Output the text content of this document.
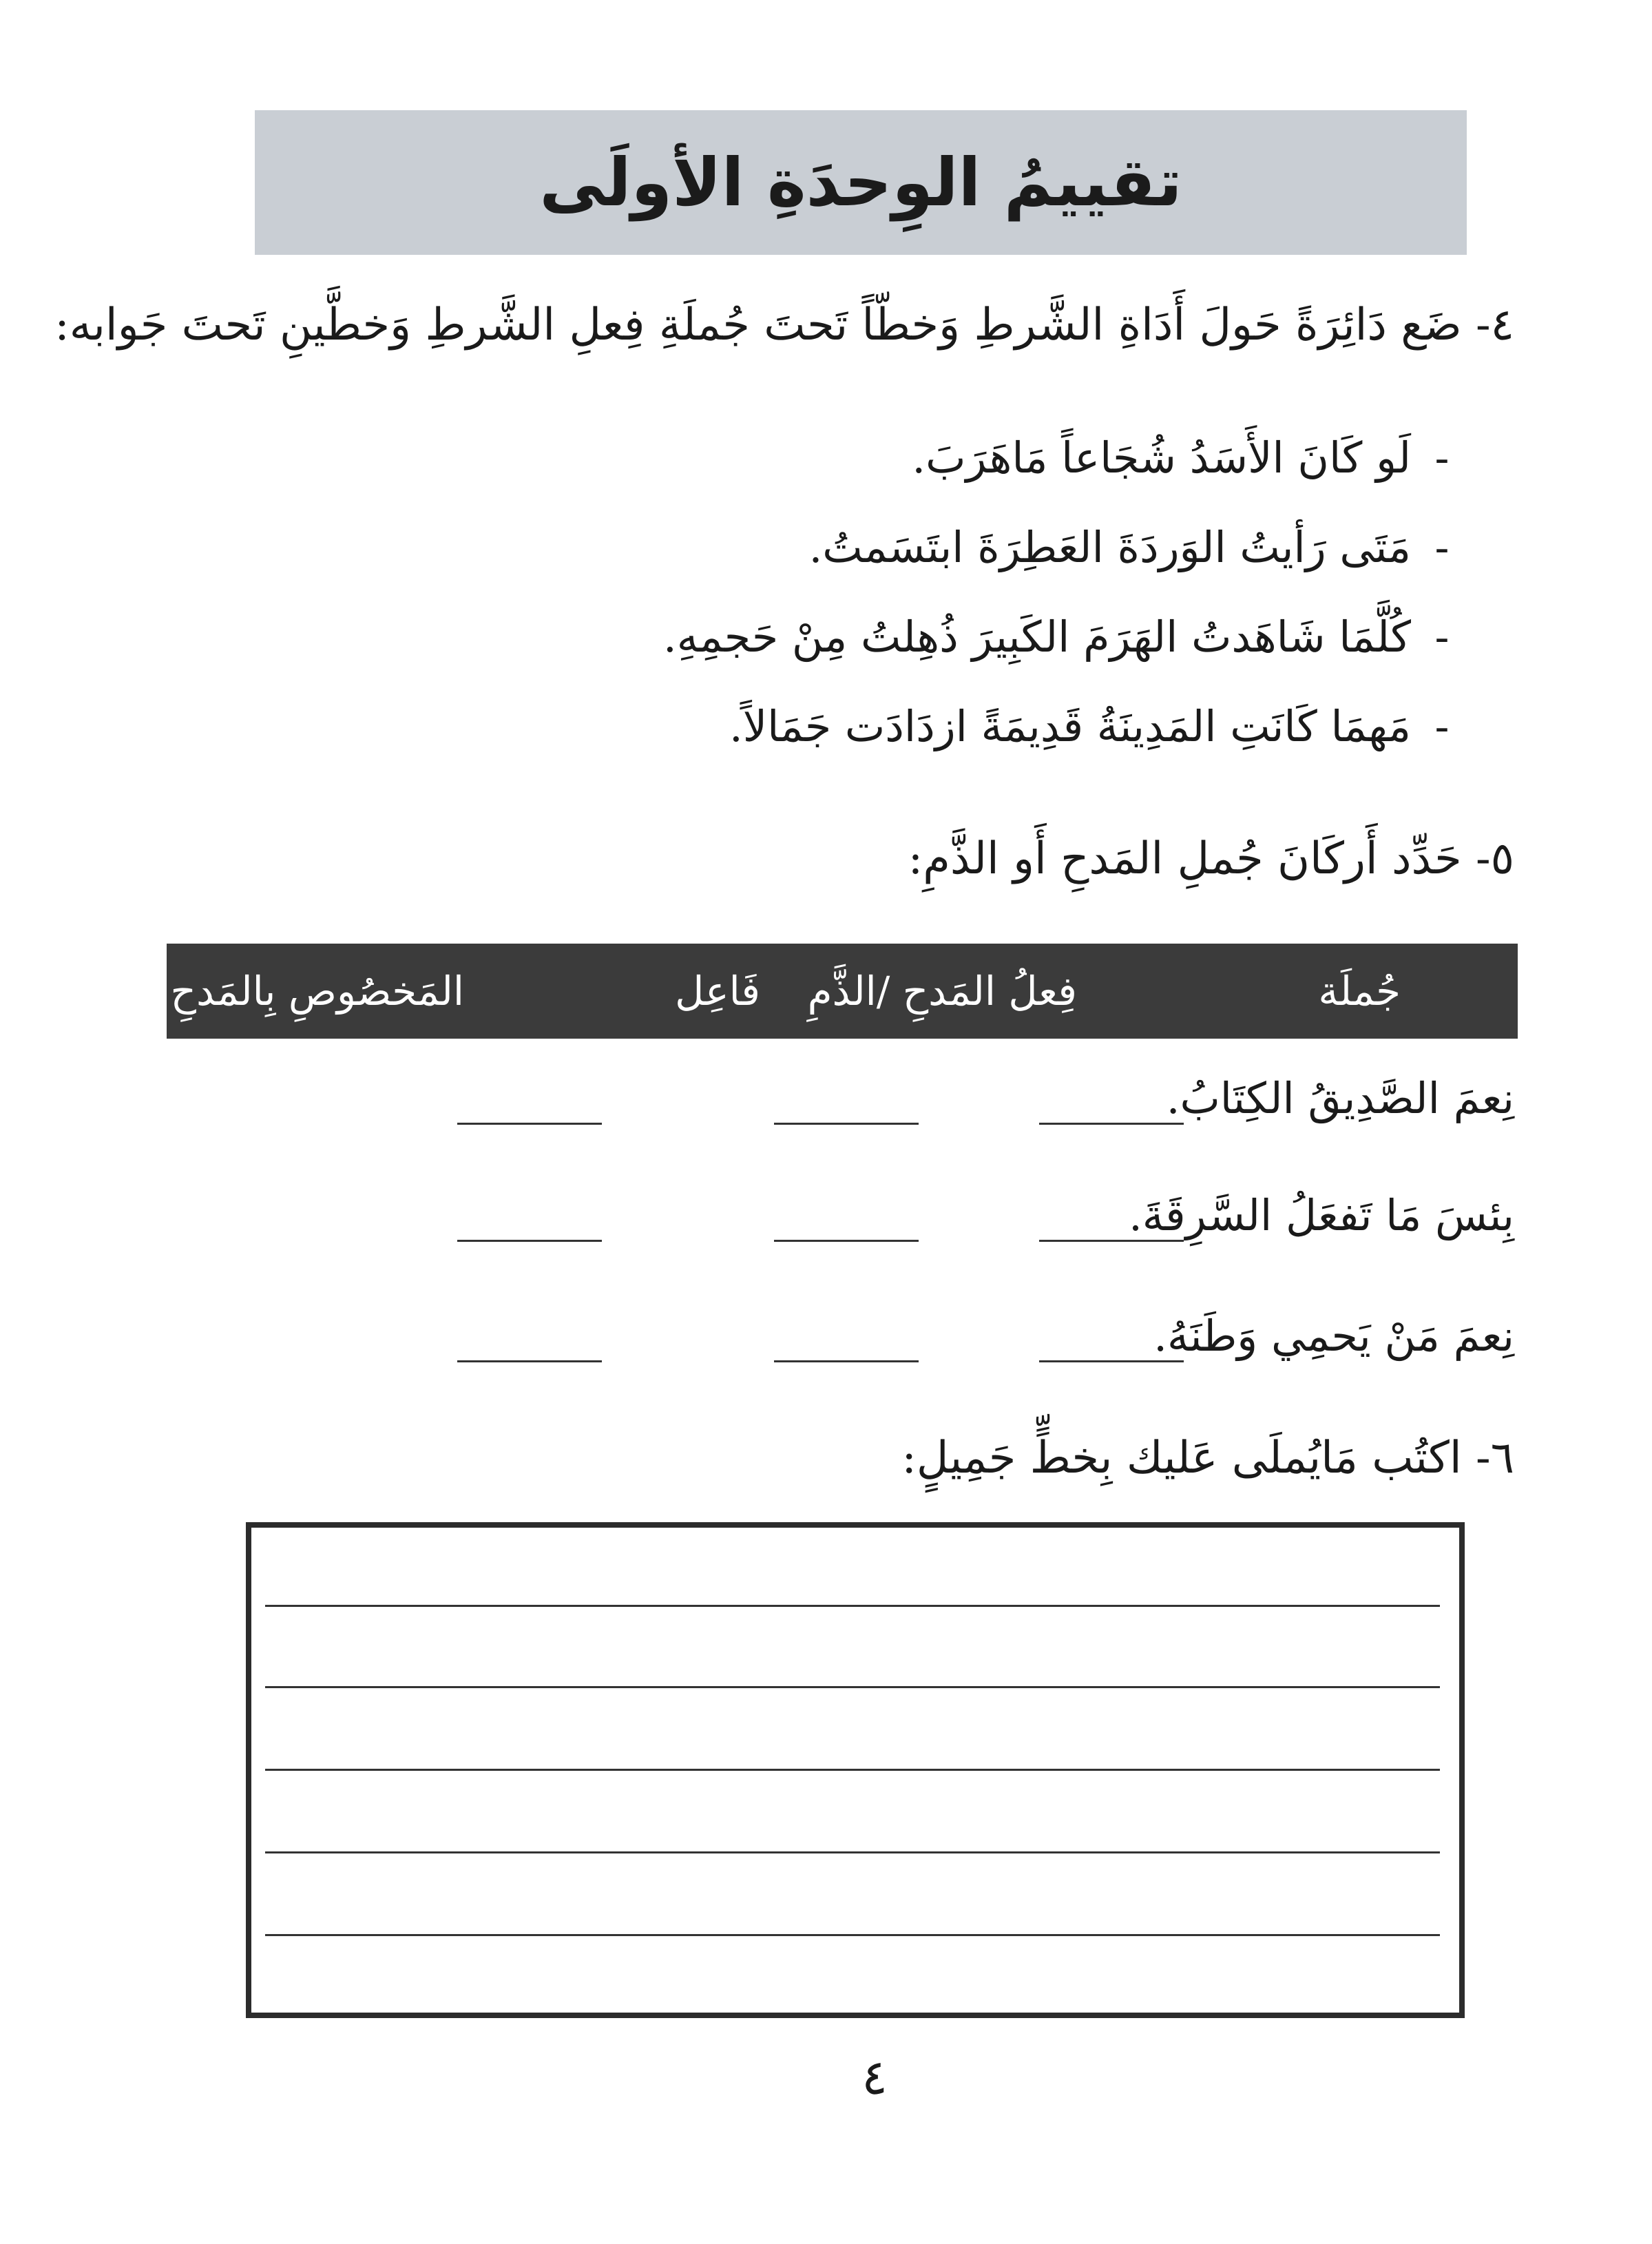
تقييمُ الوِحدَةِ الأولَى
٤- ضَع دَائِرَةً حَولَ أَدَاةِ الشَّرطِ وَخطّاً تَحتَ جُملَةِ فِعلِ الشَّرطِ وَخطَّينِ تَحتَ جَوابه:
-لَو كَانَ الأَسَدُ شُجَاعاً مَاهَرَبَ.
-مَتَى رَأيتُ الوَردَةَ العَطِرَةَ ابتَسَمتُ.
-كُلَّمَا شَاهَدتُ الهَرَمَ الكَبِيرَ ذُهِلتُ مِنْ حَجمِهِ.
-مَهمَا كَانَتِ المَدِينَةُ قَدِيمَةً ازدَادَت جَمَالاً.
٥- حَدِّد أَركَانَ جُملِ المَدحِ أَو الذَّمِ:
جُملَة
فِعلُ المَدحِ /الذَّمِ
فَاعِل
المَخصُوصِ بِالمَدحِ /الذَّمِ
نِعمَ الصَّدِيقُ الكِتَابُ.
بِئسَ مَا تَفعَلُ السَّرِقَةَ.
نِعمَ مَنْ يَحمِي وَطَنَهُ.
٦- اكتُب مَايُملَى عَليك بِخطٍّ جَمِيلٍ:
٤
